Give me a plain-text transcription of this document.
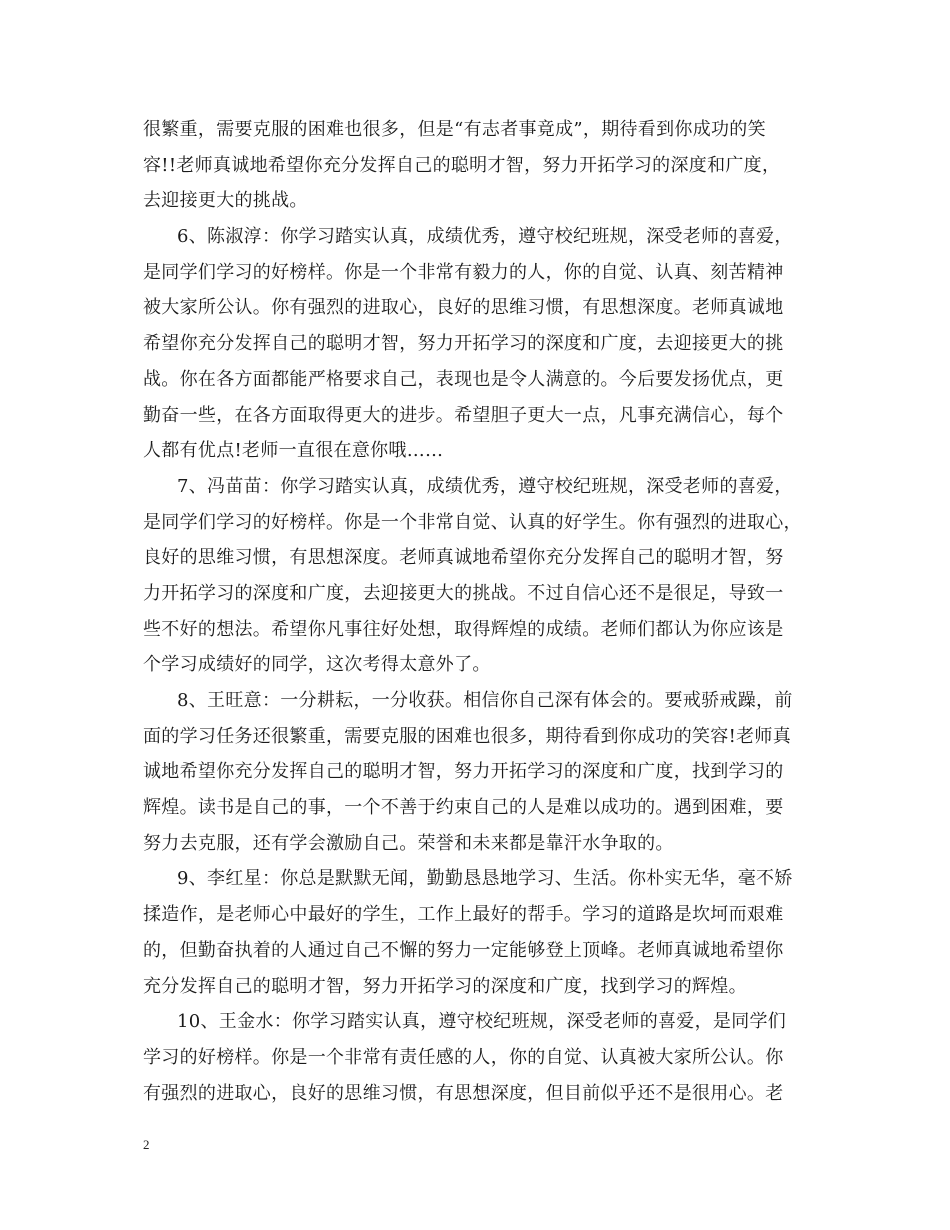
很繁重，需要克服的困难也很多，但是“有志者事竟成”，期待看到你成功的笑
容!!老师真诚地希望你充分发挥自己的聪明才智，努力开拓学习的深度和广度，
去迎接更大的挑战。
6、陈淑淳：你学习踏实认真，成绩优秀，遵守校纪班规，深受老师的喜爱，
是同学们学习的好榜样。你是一个非常有毅力的人，你的自觉、认真、刻苦精神
被大家所公认。你有强烈的进取心，良好的思维习惯，有思想深度。老师真诚地
希望你充分发挥自己的聪明才智，努力开拓学习的深度和广度，去迎接更大的挑
战。你在各方面都能严格要求自己，表现也是令人满意的。今后要发扬优点，更
勤奋一些，在各方面取得更大的进步。希望胆子更大一点，凡事充满信心，每个
人都有优点!老师一直很在意你哦……
7、冯苗苗：你学习踏实认真，成绩优秀，遵守校纪班规，深受老师的喜爱，
是同学们学习的好榜样。你是一个非常自觉、认真的好学生。你有强烈的进取心，
良好的思维习惯，有思想深度。老师真诚地希望你充分发挥自己的聪明才智，努
力开拓学习的深度和广度，去迎接更大的挑战。不过自信心还不是很足，导致一
些不好的想法。希望你凡事往好处想，取得辉煌的成绩。老师们都认为你应该是
个学习成绩好的同学，这次考得太意外了。
8、王旺意：一分耕耘，一分收获。相信你自己深有体会的。要戒骄戒躁，前
面的学习任务还很繁重，需要克服的困难也很多，期待看到你成功的笑容!老师真
诚地希望你充分发挥自己的聪明才智，努力开拓学习的深度和广度，找到学习的
辉煌。读书是自己的事，一个不善于约束自己的人是难以成功的。遇到困难，要
努力去克服，还有学会激励自己。荣誉和未来都是靠汗水争取的。
9、李红星：你总是默默无闻，勤勤恳恳地学习、生活。你朴实无华，毫不矫
揉造作，是老师心中最好的学生，工作上最好的帮手。学习的道路是坎坷而艰难
的，但勤奋执着的人通过自己不懈的努力一定能够登上顶峰。老师真诚地希望你
充分发挥自己的聪明才智，努力开拓学习的深度和广度，找到学习的辉煌。
10、王金水：你学习踏实认真，遵守校纪班规，深受老师的喜爱，是同学们
学习的好榜样。你是一个非常有责任感的人，你的自觉、认真被大家所公认。你
有强烈的进取心，良好的思维习惯，有思想深度，但目前似乎还不是很用心。老
2
